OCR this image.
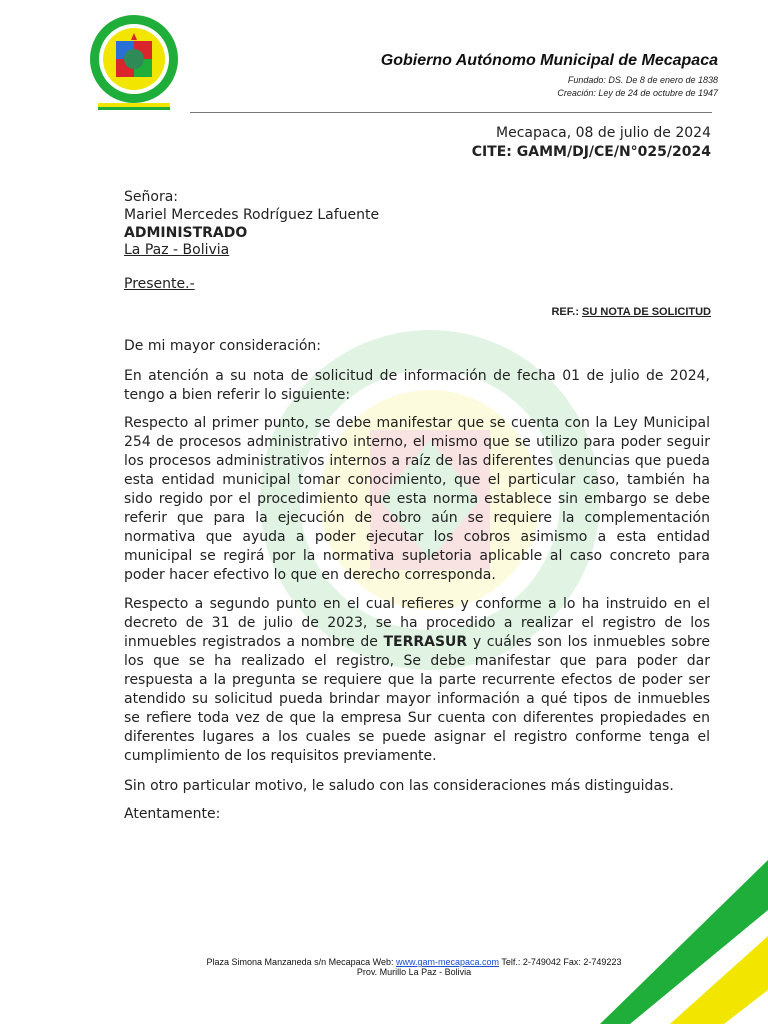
Gobierno Autónomo Municipal de Mecapaca
Fundado: DS. De 8 de enero de 1838
Creación: Ley de 24 de octubre de 1947
Mecapaca, 08 de julio de 2024
CITE: GAMM/DJ/CE/N°025/2024
Señora:
Mariel Mercedes Rodríguez Lafuente
ADMINISTRADO
La Paz - Bolivia
Presente.-
REF.: SU NOTA DE SOLICITUD
De mi mayor consideración:
En atención a su nota de solicitud de información de fecha 01 de julio de 2024, tengo a bien referir lo siguiente:
Respecto al primer punto, se debe manifestar que se cuenta con la Ley Municipal 254 de procesos administrativo interno, el mismo que se utilizo para poder seguir los procesos administrativos internos a raíz de las diferentes denuncias que pueda esta entidad municipal tomar conocimiento, que el particular caso, también ha sido regido por el procedimiento que esta norma establece sin embargo se debe referir que para la ejecución de cobro aún se requiere la complementación normativa que ayuda a poder ejecutar los cobros asimismo a esta entidad municipal se regirá por la normativa supletoria aplicable al caso concreto para poder hacer efectivo lo que en derecho corresponda.
Respecto a segundo punto en el cual refieres y conforme a lo ha instruido en el decreto de 31 de julio de 2023, se ha procedido a realizar el registro de los inmuebles registrados a nombre de TERRASUR y cuáles son los inmuebles sobre los que se ha realizado el registro, Se debe manifestar que para poder dar respuesta a la pregunta se requiere que la parte recurrente efectos de poder ser atendido su solicitud pueda brindar mayor información a qué tipos de inmuebles se refiere toda vez de que la empresa Sur cuenta con diferentes propiedades en diferentes lugares a los cuales se puede asignar el registro conforme tenga el cumplimiento de los requisitos previamente.
Sin otro particular motivo, le saludo con las consideraciones más distinguidas.
Atentamente:
Plaza Simona Manzaneda s/n Mecapaca Web: www.gam-mecapaca.com Telf.: 2-749042 Fax: 2-749223
Prov. Murillo La Paz - Bolivia
